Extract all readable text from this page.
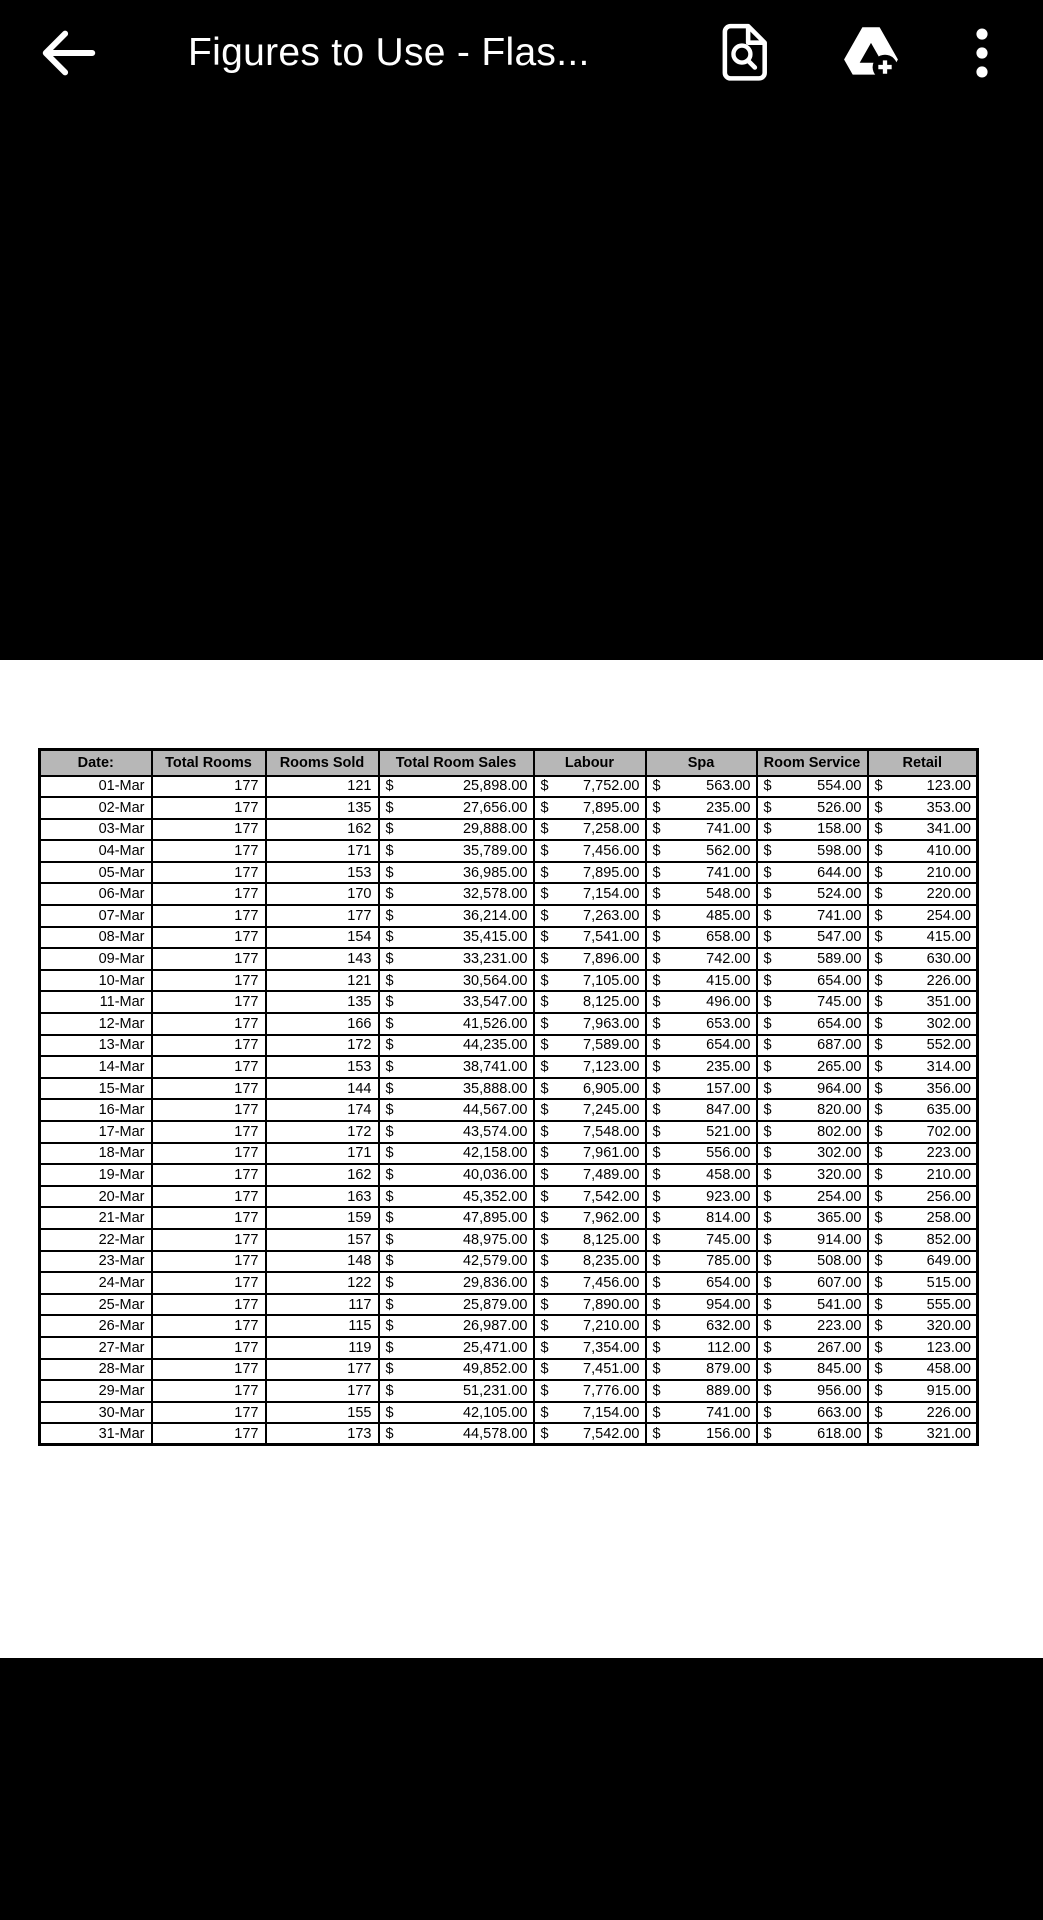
Figures to Use - Flas...
Date:	Total Rooms	Rooms Sold	Total Room Sales	Labour	Spa	Room Service	Retail
01-Mar	177	121	$ 25,898.00	$ 7,752.00	$ 563.00	$ 554.00	$ 123.00

02-Mar	177	135	$ 27,656.00	$ 7,895.00	$ 235.00	$ 526.00	$ 353.00

03-Mar	177	162	$ 29,888.00	$ 7,258.00	$ 741.00	$ 158.00	$ 341.00

04-Mar	177	171	$ 35,789.00	$ 7,456.00	$ 562.00	$ 598.00	$ 410.00

05-Mar	177	153	$ 36,985.00	$ 7,895.00	$ 741.00	$ 644.00	$ 210.00

06-Mar	177	170	$ 32,578.00	$ 7,154.00	$ 548.00	$ 524.00	$ 220.00

07-Mar	177	177	$ 36,214.00	$ 7,263.00	$ 485.00	$ 741.00	$ 254.00

08-Mar	177	154	$ 35,415.00	$ 7,541.00	$ 658.00	$ 547.00	$ 415.00

09-Mar	177	143	$ 33,231.00	$ 7,896.00	$ 742.00	$ 589.00	$ 630.00

10-Mar	177	121	$ 30,564.00	$ 7,105.00	$ 415.00	$ 654.00	$ 226.00

11-Mar	177	135	$ 33,547.00	$ 8,125.00	$ 496.00	$ 745.00	$ 351.00

12-Mar	177	166	$ 41,526.00	$ 7,963.00	$ 653.00	$ 654.00	$ 302.00

13-Mar	177	172	$ 44,235.00	$ 7,589.00	$ 654.00	$ 687.00	$ 552.00

14-Mar	177	153	$ 38,741.00	$ 7,123.00	$ 235.00	$ 265.00	$ 314.00

15-Mar	177	144	$ 35,888.00	$ 6,905.00	$ 157.00	$ 964.00	$ 356.00

16-Mar	177	174	$ 44,567.00	$ 7,245.00	$ 847.00	$ 820.00	$ 635.00

17-Mar	177	172	$ 43,574.00	$ 7,548.00	$ 521.00	$ 802.00	$ 702.00

18-Mar	177	171	$ 42,158.00	$ 7,961.00	$ 556.00	$ 302.00	$ 223.00

19-Mar	177	162	$ 40,036.00	$ 7,489.00	$ 458.00	$ 320.00	$ 210.00

20-Mar	177	163	$ 45,352.00	$ 7,542.00	$ 923.00	$ 254.00	$ 256.00

21-Mar	177	159	$ 47,895.00	$ 7,962.00	$ 814.00	$ 365.00	$ 258.00

22-Mar	177	157	$ 48,975.00	$ 8,125.00	$ 745.00	$ 914.00	$ 852.00

23-Mar	177	148	$ 42,579.00	$ 8,235.00	$ 785.00	$ 508.00	$ 649.00

24-Mar	177	122	$ 29,836.00	$ 7,456.00	$ 654.00	$ 607.00	$ 515.00

25-Mar	177	117	$ 25,879.00	$ 7,890.00	$ 954.00	$ 541.00	$ 555.00

26-Mar	177	115	$ 26,987.00	$ 7,210.00	$ 632.00	$ 223.00	$ 320.00

27-Mar	177	119	$ 25,471.00	$ 7,354.00	$ 112.00	$ 267.00	$ 123.00

28-Mar	177	177	$ 49,852.00	$ 7,451.00	$ 879.00	$ 845.00	$ 458.00

29-Mar	177	177	$ 51,231.00	$ 7,776.00	$ 889.00	$ 956.00	$ 915.00

30-Mar	177	155	$ 42,105.00	$ 7,154.00	$ 741.00	$ 663.00	$ 226.00

31-Mar	177	173	$ 44,578.00	$ 7,542.00	$ 156.00	$ 618.00	$ 321.00
